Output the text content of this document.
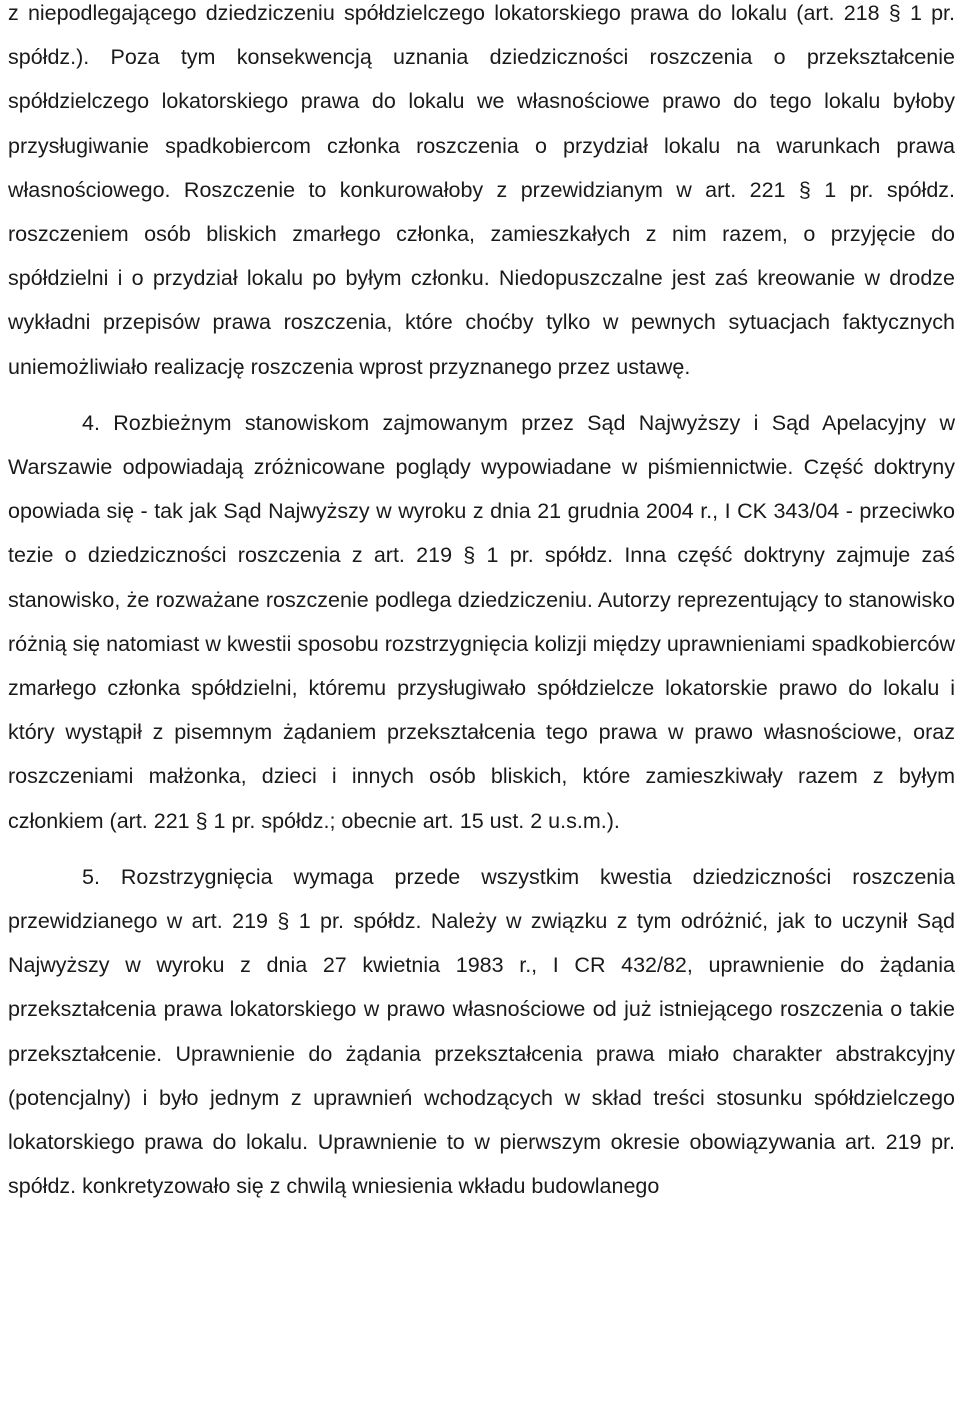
z niepodlegającego dziedziczeniu spółdzielczego lokatorskiego prawa do lokalu (art. 218 § 1 pr. spółdz.). Poza tym konsekwencją uznania dziedziczności roszczenia o przekształcenie spółdzielczego lokatorskiego prawa do lokalu we własnościowe prawo do tego lokalu byłoby przysługiwanie spadkobiercom członka roszczenia o przydział lokalu na warunkach prawa własnościowego. Roszczenie to konkurowałoby z przewidzianym w art. 221 § 1 pr. spółdz. roszczeniem osób bliskich zmarłego członka, zamieszkałych z nim razem, o przyjęcie do spółdzielni i o przydział lokalu po byłym członku. Niedopuszczalne jest zaś kreowanie w drodze wykładni przepisów prawa roszczenia, które choćby tylko w pewnych sytuacjach faktycznych uniemożliwiało realizację roszczenia wprost przyznanego przez ustawę.

4. Rozbieżnym stanowiskom zajmowanym przez Sąd Najwyższy i Sąd Apelacyjny w Warszawie odpowiadają zróżnicowane poglądy wypowiadane w piśmiennictwie. Część doktryny opowiada się - tak jak Sąd Najwyższy w wyroku z dnia 21 grudnia 2004 r., I CK 343/04 - przeciwko tezie o dziedziczności roszczenia z art. 219 § 1 pr. spółdz. Inna część doktryny zajmuje zaś stanowisko, że rozważane roszczenie podlega dziedziczeniu. Autorzy reprezentujący to stanowisko różnią się natomiast w kwestii sposobu rozstrzygnięcia kolizji między uprawnieniami spadkobierców zmarłego członka spółdzielni, któremu przysługiwało spółdzielcze lokatorskie prawo do lokalu i który wystąpił z pisemnym żądaniem przekształcenia tego prawa w prawo własnościowe, oraz roszczeniami małżonka, dzieci i innych osób bliskich, które zamieszkiwały razem z byłym członkiem (art. 221 § 1 pr. spółdz.; obecnie art. 15 ust. 2 u.s.m.).

5. Rozstrzygnięcia wymaga przede wszystkim kwestia dziedziczności roszczenia przewidzianego w art. 219 § 1 pr. spółdz. Należy w związku z tym odróżnić, jak to uczynił Sąd Najwyższy w wyroku z dnia 27 kwietnia 1983 r., I CR 432/82, uprawnienie do żądania przekształcenia prawa lokatorskiego w prawo własnościowe od już istniejącego roszczenia o takie przekształcenie. Uprawnienie do żądania przekształcenia prawa miało charakter abstrakcyjny (potencjalny) i było jednym z uprawnień wchodzących w skład treści stosunku spółdzielczego lokatorskiego prawa do lokalu. Uprawnienie to w pierwszym okresie obowiązywania art. 219 pr. spółdz. konkretyzowało się z chwilą wniesienia wkładu budowlanego
